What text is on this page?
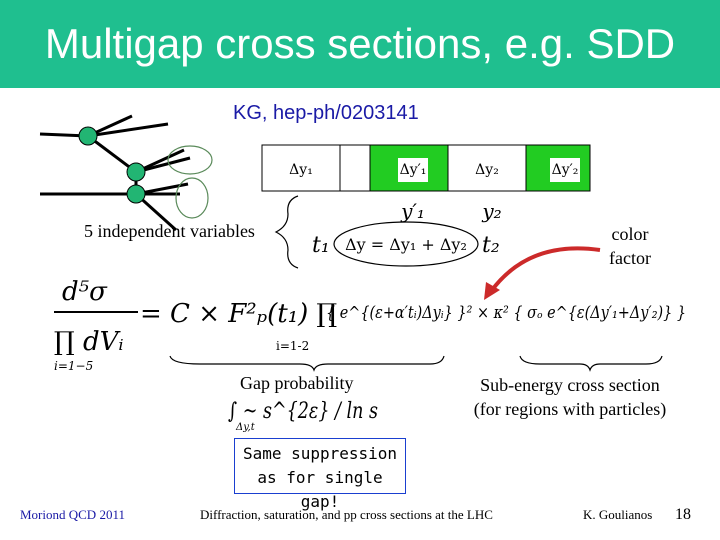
Multigap cross sections, e.g. SDD
KG, hep-ph/0203141
Δy₁	Δy′₁	Δy₂	Δy′₂
y′₁	y₂
t₁ Δy = Δy₁ + Δy₂ t₂
d⁵σ
∏ dVᵢ
i=1−5
= C × F²ₚ(t₁) ∏
i=1-2
{ e^{(ε+α′tᵢ)Δyᵢ} }² × κ² { σₒ e^{ε(Δy′₁+Δy′₂)} }
∫ ~ s^{2ε} / ln s
Δy,t
5 independent variables	color factor
Gap probability	Sub-energy cross section
(for regions with particles)
Same suppression
as for single gap!
Moriond QCD 2011	Diffraction, saturation, and pp cross sections at the LHC	K. Goulianos 18
